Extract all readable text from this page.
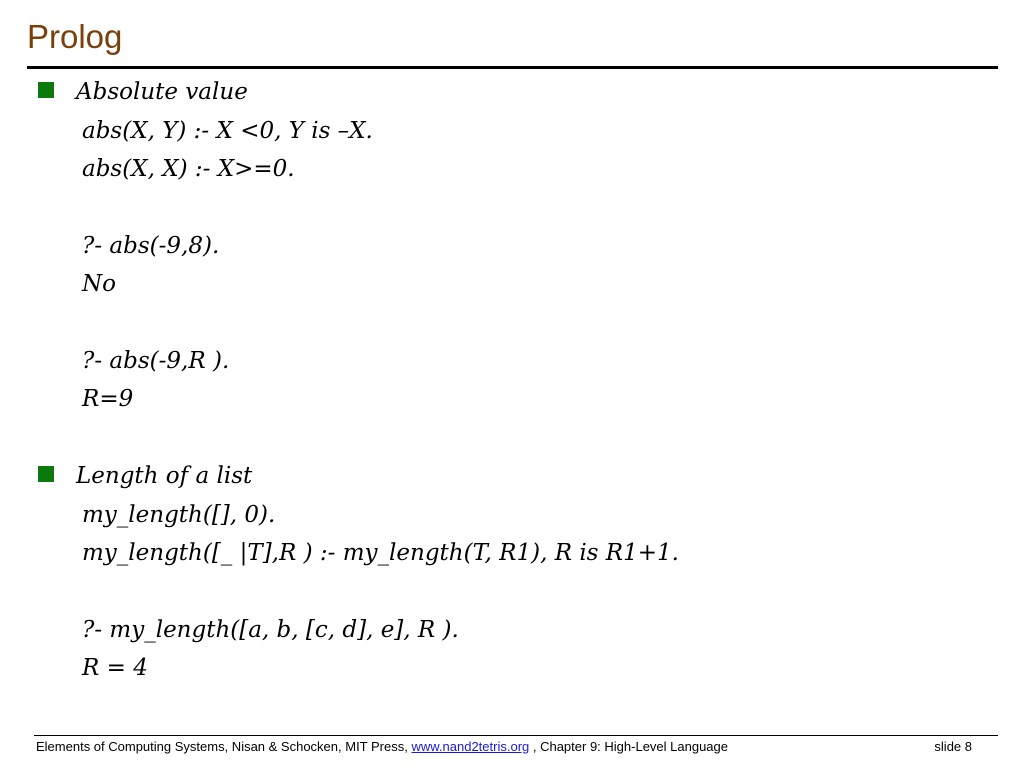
Prolog
Absolute value
abs(X, Y) :- X <0, Y is –X.
abs(X, X) :- X>=0.
?- abs(-9,8).
No
?- abs(-9,R ).
R=9
Length of a list
my_length([], 0).
my_length([_ |T],R ) :- my_length(T, R1), R is R1+1.
?- my_length([a, b, [c, d], e], R ).
R = 4
Elements of Computing Systems, Nisan & Schocken, MIT Press, www.nand2tetris.org , Chapter 9: High-Level Language	slide 8
